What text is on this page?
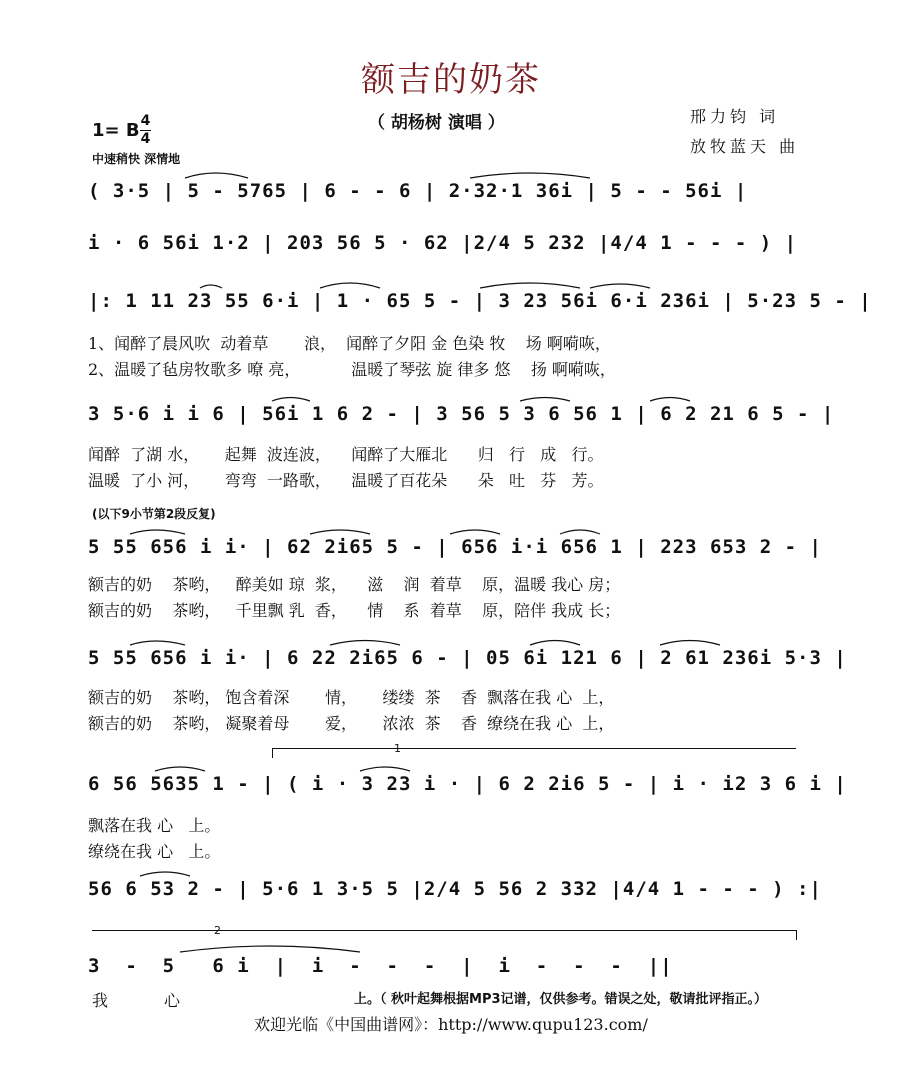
额吉的奶茶
（ 胡杨树 演唱 ）	邢力钧 词
放牧蓝天 曲
1= B 4
4
中速稍快 深情地
( 3·5 | 5 - 5765 | 6 - - 6 | 2·32·1 36i | 5 - - 56i |
i · 6 56i 1·2 | 203 56 5 · 62 |2/4 5 232 |4/4 1 - - - ) |
|: 1 11 23 55 6·i | 1 · 65 5 - | 3 23 56i 6·i 236i | 5·23 5 - |
1、闻醉了晨风吹  动着草       浪，  闻醉了夕阳 金 色染 牧    场 啊嗬咴，
2、温暖了毡房牧歌多 嘹 亮，          温暖了琴弦 旋 律多 悠    扬 啊嗬咴，
3 5·6 i i 6 | 56i 1 6 2 - | 3 56 5 3 6 56 1 | 6 2 21 6 5 - |
闻醉  了湖 水，     起舞  波连波，    闻醉了大雁北      归   行   成   行。
温暖  了小 河，     弯弯  一路歌，    温暖了百花朵      朵   吐   芬   芳。
(以下9小节第2段反复)
5 55 656 i i· | 62 2i65 5 - | 656 i·i 656 1 | 223 653 2 - |
额吉的奶    茶哟，   醉美如 琼  浆，    滋    润  着草    原，温暖 我心 房；
额吉的奶    茶哟，   千里飘 乳  香，    情    系  着草    原，陪伴 我成 长；
5 55 656 i i· | 6 22 2i65 6 - | 05 6i 121 6 | 2 61 236i 5·3 |
额吉的奶    茶哟， 饱含着深       情，     缕缕  茶    香  飘落在我 心  上，
额吉的奶    茶哟， 凝聚着母       爱，     浓浓  茶    香  缭绕在我 心  上，
1
6 56 5635 1 - | ( i · 3 23 i · | 6 2 2i6 5 - | i · i2 3 6 i |
飘落在我 心   上。
缭绕在我 心   上。
56 6 53 2 - | 5·6 1 3·5 5 |2/4 5 56 2 332 |4/4 1 - - - ) :|
2
3  -  5   6 i  |  i  -  -  -  |  i  -  -  -  ||
我           心	上。（ 秋叶起舞根据MP3记谱，仅供参考。错误之处，敬请批评指正。）
欢迎光临《中国曲谱网》：http://www.qupu123.com/
